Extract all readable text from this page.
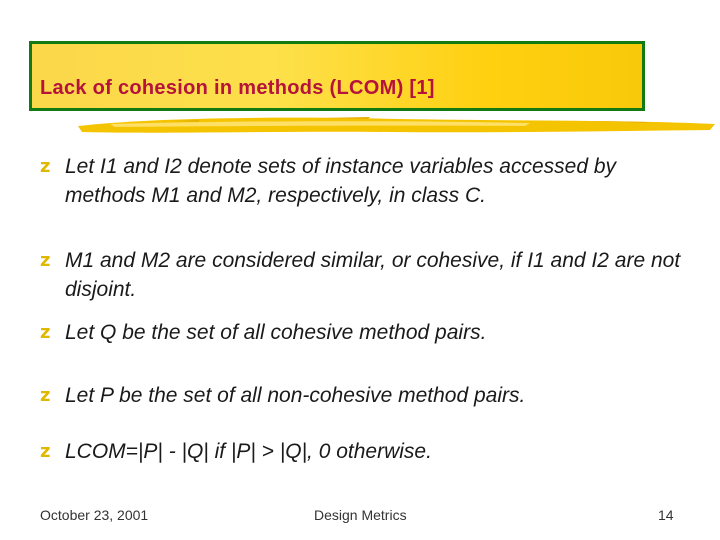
Lack of cohesion in methods (LCOM) [1]
z Let I1 and I2 denote sets of instance variables accessed by methods M1 and M2, respectively, in class C.
z M1 and M2 are considered similar, or cohesive, if I1 and I2 are not disjoint.
z Let Q be the set of all cohesive method pairs.
z Let P be the set of all non-cohesive method pairs.
z LCOM=|P| - |Q| if |P| > |Q|, 0 otherwise.
October 23, 2001	Design Metrics	14
